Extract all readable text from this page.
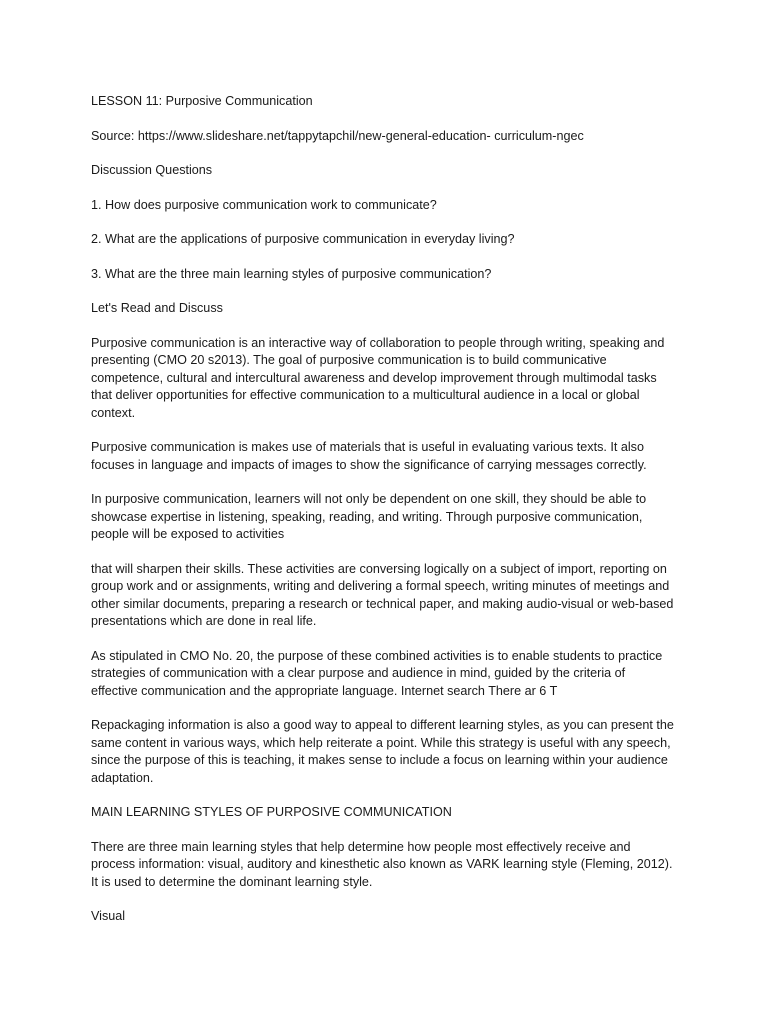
LESSON 11: Purposive Communication

Source: https://www.slideshare.net/tappytapchil/new-general-education- curriculum-ngec

Discussion Questions

1. How does purposive communication work to communicate?

2. What are the applications of purposive communication in everyday living?

3. What are the three main learning styles of purposive communication?

Let's Read and Discuss

Purposive communication is an interactive way of collaboration to people through writing, speaking and
presenting (CMO 20 s2013). The goal of purposive communication is to build communicative
competence, cultural and intercultural awareness and develop improvement through multimodal tasks
that deliver opportunities for effective communication to a multicultural audience in a local or global
context.
Purposive communication is makes use of materials that is useful in evaluating various texts. It also
focuses in language and impacts of images to show the significance of carrying messages correctly.
In purposive communication, learners will not only be dependent on one skill, they should be able to
showcase expertise in listening, speaking, reading, and writing. Through purposive communication,
people will be exposed to activities
that will sharpen their skills. These activities are conversing logically on a subject of import, reporting on
group work and or assignments, writing and delivering a formal speech, writing minutes of meetings and
other similar documents, preparing a research or technical paper, and making audio-visual or web-based
presentations which are done in real life.
As stipulated in CMO No. 20, the purpose of these combined activities is to enable students to practice
strategies of communication with a clear purpose and audience in mind, guided by the criteria of
effective communication and the appropriate language. Internet search There ar 6 T
Repackaging information is also a good way to appeal to different learning styles, as you can present the
same content in various ways, which help reiterate a point. While this strategy is useful with any speech,
since the purpose of this is teaching, it makes sense to include a focus on learning within your audience
adaptation.

MAIN LEARNING STYLES OF PURPOSIVE COMMUNICATION

There are three main learning styles that help determine how people most effectively receive and
process information: visual, auditory and kinesthetic also known as VARK learning style (Fleming, 2012).
It is used to determine the dominant learning style.

Visual
